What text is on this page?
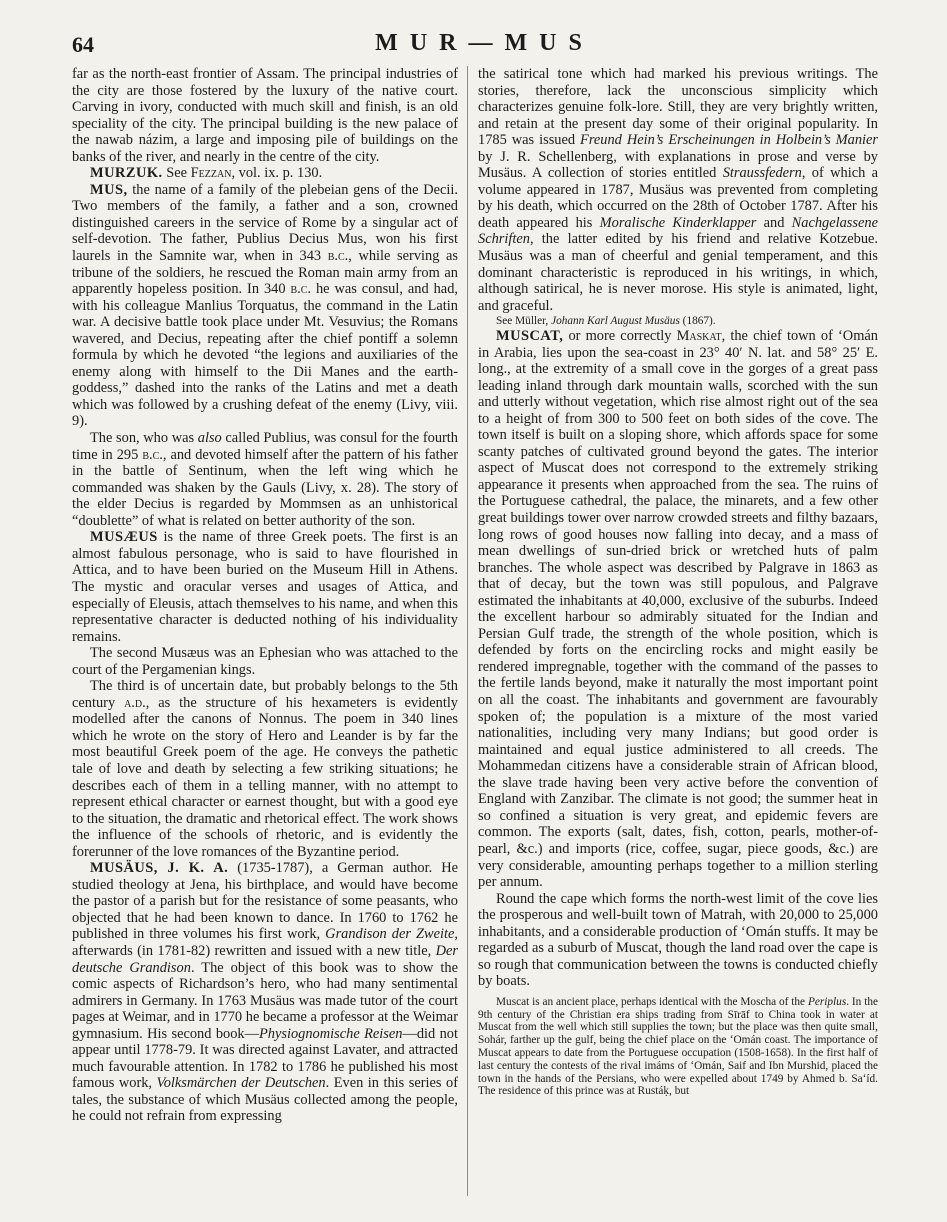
64	MUR—MUS

far as the north-east frontier of Assam. The principal industries of the city are those fostered by the luxury of the native court. Carving in ivory, conducted with much skill and finish, is an old speciality of the city. The principal building is the new palace of the nawab názim, a large and imposing pile of buildings on the banks of the river, and nearly in the centre of the city.

MURZUK. See Fezzan, vol. ix. p. 130.

MUS, the name of a family of the plebeian gens of the Decii. Two members of the family, a father and a son, crowned distinguished careers in the service of Rome by a singular act of self-devotion. The father, Publius Decius Mus, won his first laurels in the Samnite war, when in 343 b.c., while serving as tribune of the soldiers, he rescued the Roman main army from an apparently hopeless position. In 340 b.c. he was consul, and had, with his colleague Manlius Torquatus, the command in the Latin war. A decisive battle took place under Mt. Vesuvius; the Romans wavered, and Decius, repeating after the chief pontiff a solemn formula by which he devoted “the legions and auxiliaries of the enemy along with himself to the Dii Manes and the earth-goddess,” dashed into the ranks of the Latins and met a death which was followed by a crushing defeat of the enemy (Livy, viii. 9).

The son, who was also called Publius, was consul for the fourth time in 295 b.c., and devoted himself after the pattern of his father in the battle of Sentinum, when the left wing which he commanded was shaken by the Gauls (Livy, x. 28). The story of the elder Decius is regarded by Mommsen as an unhistorical “doublette” of what is related on better authority of the son.

MUSÆUS is the name of three Greek poets. The first is an almost fabulous personage, who is said to have flourished in Attica, and to have been buried on the Museum Hill in Athens. The mystic and oracular verses and usages of Attica, and especially of Eleusis, attach themselves to his name, and when this representative character is deducted nothing of his individuality remains.

The second Musæus was an Ephesian who was attached to the court of the Pergamenian kings.

The third is of uncertain date, but probably belongs to the 5th century a.d., as the structure of his hexameters is evidently modelled after the canons of Nonnus. The poem in 340 lines which he wrote on the story of Hero and Leander is by far the most beautiful Greek poem of the age. He conveys the pathetic tale of love and death by selecting a few striking situations; he describes each of them in a telling manner, with no attempt to represent ethical character or earnest thought, but with a good eye to the situation, the dramatic and rhetorical effect. The work shows the influence of the schools of rhetoric, and is evidently the forerunner of the love romances of the Byzantine period.

MUSÄUS, J. K. A. (1735-1787), a German author. He studied theology at Jena, his birthplace, and would have become the pastor of a parish but for the resistance of some peasants, who objected that he had been known to dance. In 1760 to 1762 he published in three volumes his first work, Grandison der Zweite, afterwards (in 1781-82) rewritten and issued with a new title, Der deutsche Grandison. The object of this book was to show the comic aspects of Richardson’s hero, who had many sentimental admirers in Germany. In 1763 Musäus was made tutor of the court pages at Weimar, and in 1770 he became a professor at the Weimar gymnasium. His second book—Physiognomische Reisen—did not appear until 1778-79. It was directed against Lavater, and attracted much favourable attention. In 1782 to 1786 he published his most famous work, Volksmärchen der Deutschen. Even in this series of tales, the substance of which Musäus collected among the people, he could not refrain from expressing

the satirical tone which had marked his previous writings. The stories, therefore, lack the unconscious simplicity which characterizes genuine folk-lore. Still, they are very brightly written, and retain at the present day some of their original popularity. In 1785 was issued Freund Hein’s Erscheinungen in Holbein’s Manier by J. R. Schellenberg, with explanations in prose and verse by Musäus. A collection of stories entitled Straussfedern, of which a volume appeared in 1787, Musäus was prevented from completing by his death, which occurred on the 28th of October 1787. After his death appeared his Moralische Kinderklapper and Nachgelassene Schriften, the latter edited by his friend and relative Kotzebue. Musäus was a man of cheerful and genial temperament, and this dominant characteristic is reproduced in his writings, in which, although satirical, he is never morose. His style is animated, light, and graceful.

See Müller, Johann Karl August Musäus (1867).

MUSCAT, or more correctly Maskat, the chief town of ‘Omán in Arabia, lies upon the sea-coast in 23° 40′ N. lat. and 58° 25′ E. long., at the extremity of a small cove in the gorges of a great pass leading inland through dark mountain walls, scorched with the sun and utterly without vegetation, which rise almost right out of the sea to a height of from 300 to 500 feet on both sides of the cove. The town itself is built on a sloping shore, which affords space for some scanty patches of cultivated ground beyond the gates. The interior aspect of Muscat does not correspond to the extremely striking appearance it presents when approached from the sea. The ruins of the Portuguese cathedral, the palace, the minarets, and a few other great buildings tower over narrow crowded streets and filthy bazaars, long rows of good houses now falling into decay, and a mass of mean dwellings of sun-dried brick or wretched huts of palm branches. The whole aspect was described by Palgrave in 1863 as that of decay, but the town was still populous, and Palgrave estimated the inhabitants at 40,000, exclusive of the suburbs. Indeed the excellent harbour so admirably situated for the Indian and Persian Gulf trade, the strength of the whole position, which is defended by forts on the encircling rocks and might easily be rendered impregnable, together with the command of the passes to the fertile lands beyond, make it naturally the most important point on all the coast. The inhabitants and government are favourably spoken of; the population is a mixture of the most varied nationalities, including very many Indians; but good order is maintained and equal justice administered to all creeds. The Mohammedan citizens have a considerable strain of African blood, the slave trade having been very active before the convention of England with Zanzibar. The climate is not good; the summer heat in so confined a situation is very great, and epidemic fevers are common. The exports (salt, dates, fish, cotton, pearls, mother-of-pearl, &c.) and imports (rice, coffee, sugar, piece goods, &c.) are very considerable, amounting perhaps together to a million sterling per annum.

Round the cape which forms the north-west limit of the cove lies the prosperous and well-built town of Matrah, with 20,000 to 25,000 inhabitants, and a considerable production of ‘Omán stuffs. It may be regarded as a suburb of Muscat, though the land road over the cape is so rough that communication between the towns is conducted chiefly by boats.

Muscat is an ancient place, perhaps identical with the Moscha of the Periplus. In the 9th century of the Christian era ships trading from Sīrāf to China took in water at Muscat from the well which still supplies the town; but the place was then quite small, Sohár, farther up the gulf, being the chief place on the ‘Omán coast. The importance of Muscat appears to date from the Portuguese occupation (1508-1658). In the first half of last century the contests of the rival imáms of ‘Omán, Saif and Ibn Murshid, placed the town in the hands of the Persians, who were expelled about 1749 by Ahmed b. Sa‘íd. The residence of this prince was at Rustáḳ, but
